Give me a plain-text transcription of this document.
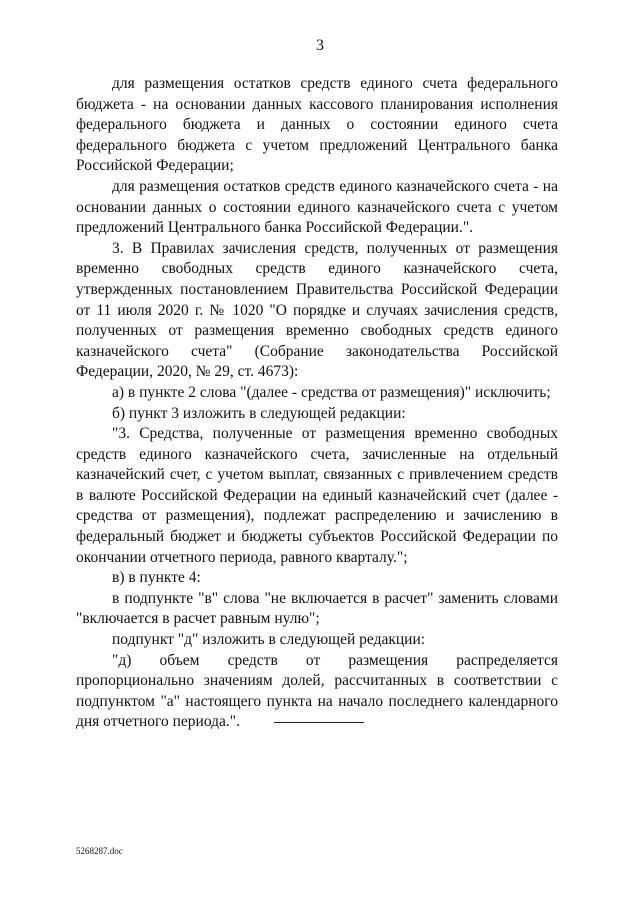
3

для размещения остатков средств единого счета федерального бюджета - на основании данных кассового планирования исполнения федерального бюджета и данных о состоянии единого счета федерального бюджета с учетом предложений Центрального банка Российской Федерации;

для размещения остатков средств единого казначейского счета - на основании данных о состоянии единого казначейского счета с учетом предложений Центрального банка Российской Федерации.".

3. В Правилах зачисления средств, полученных от размещения временно свободных средств единого казначейского счета, утвержденных постановлением Правительства Российской Федерации от 11 июля 2020 г. № 1020 "О порядке и случаях зачисления средств, полученных от размещения временно свободных средств единого казначейского счета" (Собрание законодательства Российской Федерации, 2020, № 29, ст. 4673):

а) в пункте 2 слова "(далее - средства от размещения)" исключить;

б) пункт 3 изложить в следующей редакции:

"3. Средства, полученные от размещения временно свободных средств единого казначейского счета, зачисленные на отдельный казначейский счет, с учетом выплат, связанных с привлечением средств в валюте Российской Федерации на единый казначейский счет (далее - средства от размещения), подлежат распределению и зачислению в федеральный бюджет и бюджеты субъектов Российской Федерации по окончании отчетного периода, равного кварталу.";

в) в пункте 4:

в подпункте "в" слова "не включается в расчет" заменить словами "включается в расчет равным нулю";

подпункт "д" изложить в следующей редакции:

"д) объем средств от размещения распределяется пропорционально значениям долей, рассчитанных в соответствии с подпунктом "а" настоящего пункта на начало последнего календарного дня отчетного периода.".

5268287.doc
